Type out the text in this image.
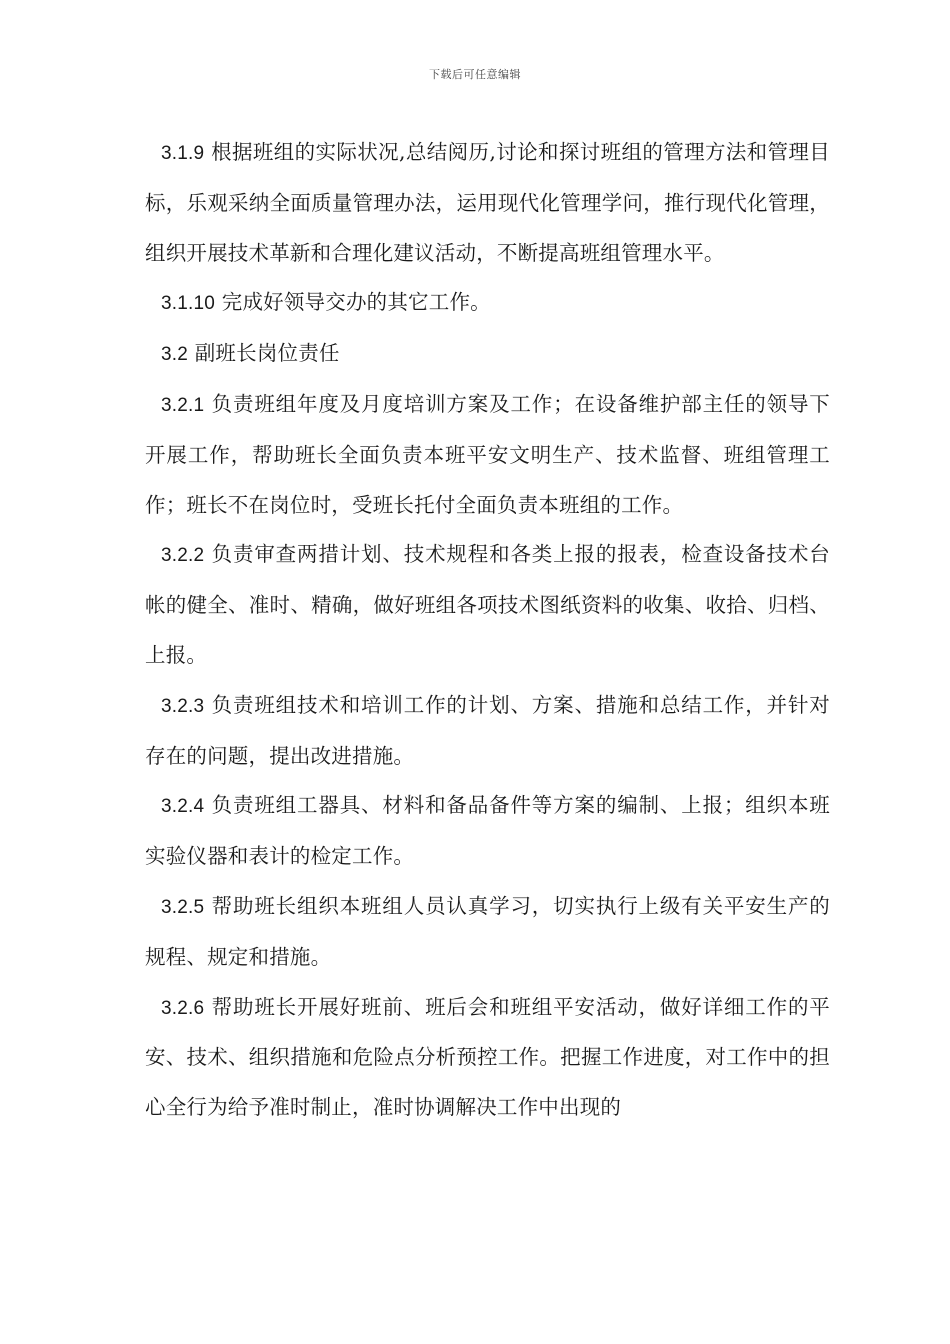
下载后可任意编辑

3.1.9 根据班组的实际状况,总结阅历,讨论和探讨班组的管理方法和管理目标，乐观采纳全面质量管理办法，运用现代化管理学问，推行现代化管理，组织开展技术革新和合理化建议活动，不断提高班组管理水平。

3.1.10 完成好领导交办的其它工作。

3.2 副班长岗位责任

3.2.1 负责班组年度及月度培训方案及工作；在设备维护部主任的领导下开展工作，帮助班长全面负责本班平安文明生产、技术监督、班组管理工作；班长不在岗位时，受班长托付全面负责本班组的工作。

3.2.2 负责审查两措计划、技术规程和各类上报的报表，检查设备技术台帐的健全、准时、精确，做好班组各项技术图纸资料的收集、收拾、归档、上报。

3.2.3 负责班组技术和培训工作的计划、方案、措施和总结工作，并针对存在的问题，提出改进措施。

3.2.4 负责班组工器具、材料和备品备件等方案的编制、上报；组织本班实验仪器和表计的检定工作。

3.2.5 帮助班长组织本班组人员认真学习，切实执行上级有关平安生产的规程、规定和措施。

3.2.6 帮助班长开展好班前、班后会和班组平安活动，做好详细工作的平安、技术、组织措施和危险点分析预控工作。把握工作进度，对工作中的担心全行为给予准时制止，准时协调解决工作中出现的
